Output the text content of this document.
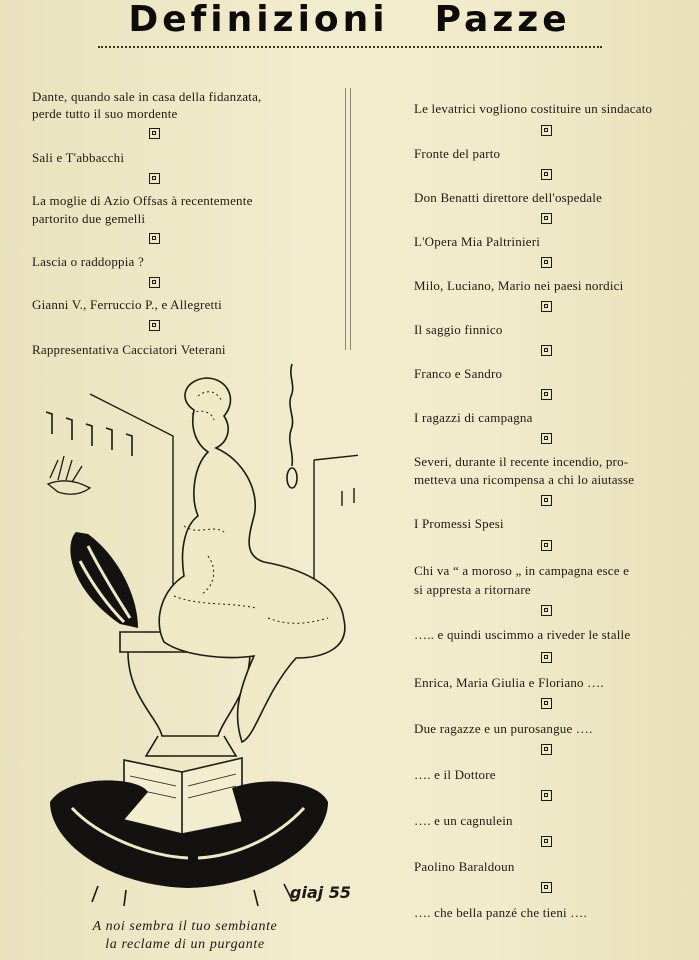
Definizioni Pazze
Dante, quando sale in casa della fidanzata,
perde tutto il suo mordente
Sali e T'abbacchi
La moglie di Azio Offsas à recentemente
partorito due gemelli
Lascia o raddoppia ?
Gianni V., Ferruccio P., e Allegretti
Rappresentativa Cacciatori Veterani
Le levatrici vogliono costituire un sindacato
Fronte del parto
Don Benatti direttore dell'ospedale
L'Opera Mia Paltrinieri
Milo, Luciano, Mario nei paesi nordici
Il saggio finnico
Franco e Sandro
I ragazzi di campagna
Severi, durante il recente incendio, pro-
metteva una ricompensa a chi lo aiutasse
I Promessi Spesi
Chi va “ a moroso „ in campagna esce e
si appresta a ritornare
….. e quindi uscimmo a riveder le stalle
Enrica, Maria Giulia e Floriano ….
Due ragazze e un purosangue ….
…. e il Dottore
…. e un cagnulein
Paolino Baraldoun
…. che bella panzé che tieni ….
giaj 55
A noi sembra il tuo sembiante
la reclame di un purgante
